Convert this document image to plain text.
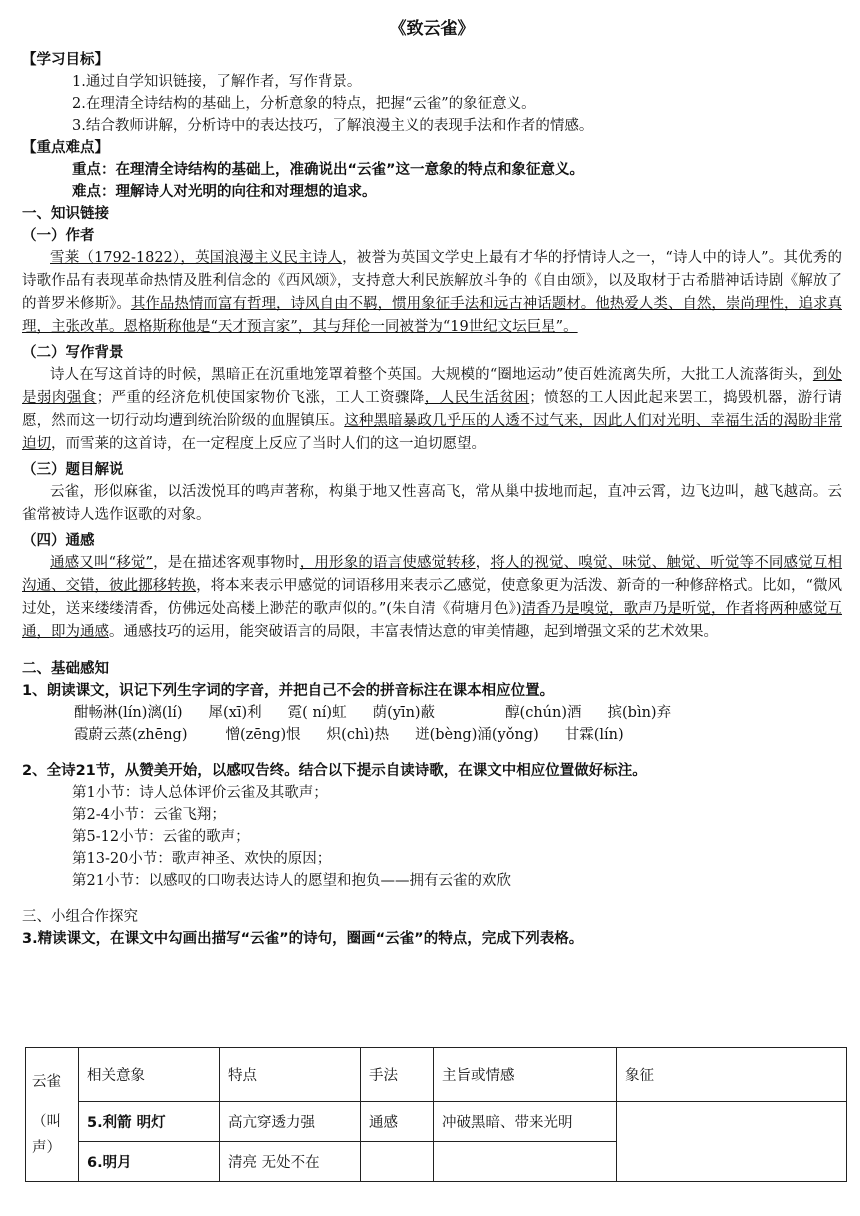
《致云雀》
【学习目标】
1.通过自学知识链接，了解作者，写作背景。
2.在理清全诗结构的基础上，分析意象的特点，把握“云雀”的象征意义。
3.结合教师讲解，分析诗中的表达技巧，了解浪漫主义的表现手法和作者的情感。
【重点难点】
重点：在理清全诗结构的基础上，准确说出“云雀”这一意象的特点和象征意义。
难点：理解诗人对光明的向往和对理想的追求。
一、知识链接
（一）作者

雪莱（1792-1822），英国浪漫主义民主诗人，被誉为英国文学史上最有才华的抒情诗人之一，“诗人中的诗人”。其优秀的诗歌作品有表现革命热情及胜利信念的《西风颂》，支持意大利民族解放斗争的《自由颂》，以及取材于古希腊神话诗剧《解放了的普罗米修斯》。其作品热情而富有哲理，诗风自由不羁，惯用象征手法和远古神话题材。他热爱人类、自然，崇尚理性，追求真理，主张改革。恩格斯称他是“天才预言家”，其与拜伦一同被誉为“19世纪文坛巨星”。

（二）写作背景

诗人在写这首诗的时候，黑暗正在沉重地笼罩着整个英国。大规模的“圈地运动”使百姓流离失所，大批工人流落街头，到处是弱肉强食；严重的经济危机使国家物价飞涨，工人工资骤降，人民生活贫困；愤怒的工人因此起来罢工，捣毁机器，游行请愿，然而这一切行动均遭到统治阶级的血腥镇压。这种黑暗暴政几乎压的人透不过气来，因此人们对光明、幸福生活的渴盼非常迫切，而雪莱的这首诗，在一定程度上反应了当时人们的这一迫切愿望。

（三）题目解说

云雀，形似麻雀，以活泼悦耳的鸣声著称，构巢于地又性喜高飞，常从巢中拔地而起，直冲云霄，边飞边叫，越飞越高。云雀常被诗人选作讴歌的对象。

（四）通感

通感又叫“移觉”，是在描述客观事物时，用形象的语言使感觉转移，将人的视觉、嗅觉、味觉、触觉、听觉等不同感觉互相沟通、交错，彼此挪移转换，将本来表示甲感觉的词语移用来表示乙感觉，使意象更为活泼、新奇的一种修辞格式。比如，“微风过处，送来缕缕清香，仿佛远处高楼上渺茫的歌声似的。”(朱自清《荷塘月色》)清香乃是嗅觉，歌声乃是听觉，作者将两种感觉互通，即为通感。通感技巧的运用，能突破语言的局限，丰富表情达意的审美情趣，起到增强文采的艺术效果。

二、基础感知
1、朗读课文，识记下列生字词的字音，并把自己不会的拼音标注在课本相应位置。
酣畅淋(lín)漓(lí) 犀(xī)利 霓( ní)虹 荫(yīn)蔽	醇(chún)酒 摈(bìn)弃
霞蔚云蒸(zhēng)	憎(zēng)恨 炽(chì)热 迸(bèng)涌(yǒng) 甘霖(lín)
2、全诗21节，从赞美开始，以感叹告终。结合以下提示自读诗歌，在课文中相应位置做好标注。
第1小节：诗人总体评价云雀及其歌声；
第2-4小节：云雀飞翔；
第5-12小节：云雀的歌声；
第13-20小节：歌声神圣、欢快的原因；
第21小节：以感叹的口吻表达诗人的愿望和抱负——拥有云雀的欢欣
三、小组合作探究
3.精读课文，在课文中勾画出描写“云雀”的诗句，圈画“云雀”的特点，完成下列表格。
云雀
（叫声）	相关意象	特点	手法	主旨或情感	象征
	5.利箭 明灯	高亢穿透力强	通感	冲破黑暗、带来光明	
	6.明月	清亮 无处不在			
